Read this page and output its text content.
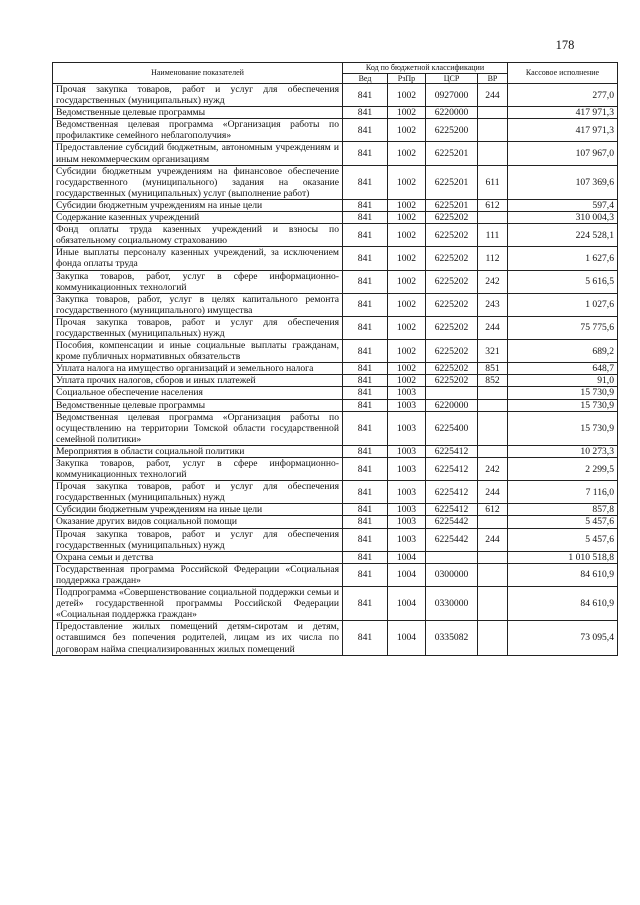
178
Наименование показателей	Код по бюджетной классификации				Кассовое исполнение
	Вед	РзПр	ЦСР	ВР	
Прочая закупка товаров, работ и услуг для обеспечения государственных (муниципальных) нужд	841	1002	0927000	244	277,0
Ведомственные целевые программы	841	1002	6220000		417 971,3
Ведомственная целевая программа «Организация работы по профилактике семейного неблагополучия»	841	1002	6225200		417 971,3
Предоставление субсидий бюджетным, автономным учреждениям и иным некоммерческим организациям	841	1002	6225201		107 967,0
Субсидии бюджетным учреждениям на финансовое обеспечение государственного (муниципального) задания на оказание государственных (муниципальных) услуг (выполнение работ)	841	1002	6225201	611	107 369,6
Субсидии бюджетным учреждениям на иные цели	841	1002	6225201	612	597,4
Содержание казенных учреждений	841	1002	6225202		310 004,3
Фонд оплаты труда казенных учреждений и взносы по обязательному социальному страхованию	841	1002	6225202	111	224 528,1
Иные выплаты персоналу казенных учреждений, за исключением фонда оплаты труда	841	1002	6225202	112	1 627,6
Закупка товаров, работ, услуг в сфере информационно-коммуникационных технологий	841	1002	6225202	242	5 616,5
Закупка товаров, работ, услуг в целях капитального ремонта государственного (муниципального) имущества	841	1002	6225202	243	1 027,6
Прочая закупка товаров, работ и услуг для обеспечения государственных (муниципальных) нужд	841	1002	6225202	244	75 775,6
Пособия, компенсации и иные социальные выплаты гражданам, кроме публичных нормативных обязательств	841	1002	6225202	321	689,2
Уплата налога на имущество организаций и земельного налога	841	1002	6225202	851	648,7
Уплата прочих налогов, сборов и иных платежей	841	1002	6225202	852	91,0
Социальное обеспечение населения	841	1003			15 730,9
Ведомственные целевые программы	841	1003	6220000		15 730,9
Ведомственная целевая программа «Организация работы по осуществлению на территории Томской области государственной семейной политики»	841	1003	6225400		15 730,9
Мероприятия в области социальной политики	841	1003	6225412		10 273,3
Закупка товаров, работ, услуг в сфере информационно-коммуникационных технологий	841	1003	6225412	242	2 299,5
Прочая закупка товаров, работ и услуг для обеспечения государственных (муниципальных) нужд	841	1003	6225412	244	7 116,0
Субсидии бюджетным учреждениям на иные цели	841	1003	6225412	612	857,8
Оказание других видов социальной помощи	841	1003	6225442		5 457,6
Прочая закупка товаров, работ и услуг для обеспечения государственных (муниципальных) нужд	841	1003	6225442	244	5 457,6
Охрана семьи и детства	841	1004			1 010 518,8
Государственная программа Российской Федерации «Социальная поддержка граждан»	841	1004	0300000		84 610,9
Подпрограмма «Совершенствование социальной поддержки семьи и детей» государственной программы Российской Федерации «Социальная поддержка граждан»	841	1004	0330000		84 610,9
Предоставление жилых помещений детям-сиротам и детям, оставшимся без попечения родителей, лицам из их числа по договорам найма специализированных жилых помещений	841	1004	0335082		73 095,4
